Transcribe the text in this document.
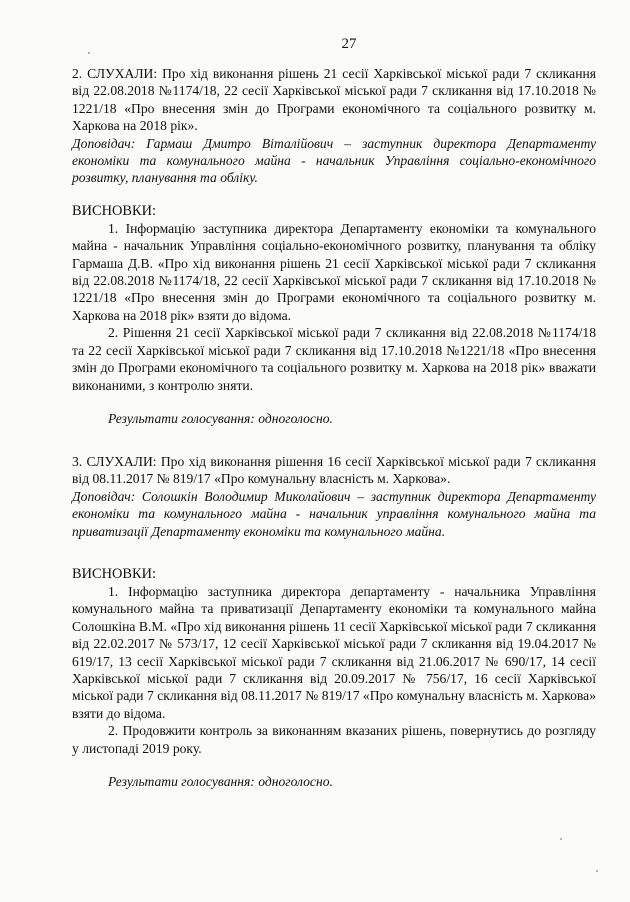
27

2. СЛУХАЛИ: Про хід виконання рішень 21 сесії Харківської міської ради 7 скликання від 22.08.2018 №1174/18, 22 сесії Харківської міської ради 7 скликання від 17.10.2018 № 1221/18 «Про внесення змін до Програми економічного та соціального розвитку м. Харкова на 2018 рік».

Доповідач: Гармаш Дмитро Віталійович – заступник директора Департаменту економіки та комунального майна - начальник Управління соціально-економічного розвитку, планування та обліку.

ВИСНОВКИ:

1. Інформацію заступника директора Департаменту економіки та комунального майна - начальник Управління соціально-економічного розвитку, планування та обліку Гармаша Д.В. «Про хід виконання рішень 21 сесії Харківської міської ради 7 скликання від 22.08.2018 №1174/18, 22 сесії Харківської міської ради 7 скликання від 17.10.2018 № 1221/18 «Про внесення змін до Програми економічного та соціального розвитку м. Харкова на 2018 рік» взяти до відома.

2. Рішення 21 сесії Харківської міської ради 7 скликання від 22.08.2018 №1174/18 та 22 сесії Харківської міської ради 7 скликання від 17.10.2018 №1221/18 «Про внесення змін до Програми економічного та соціального розвитку м. Харкова на 2018 рік» вважати виконаними, з контролю зняти.

Результати голосування: одноголосно.

3. СЛУХАЛИ: Про хід виконання рішення 16 сесії Харківської міської ради 7 скликання від 08.11.2017 № 819/17 «Про комунальну власність м. Харкова».

Доповідач: Солошкін Володимир Миколайович – заступник директора Департаменту економіки та комунального майна - начальник управління комунального майна та приватизації Департаменту економіки та комунального майна.

ВИСНОВКИ:

1. Інформацію заступника директора департаменту - начальника Управління комунального майна та приватизації Департаменту економіки та комунального майна Солошкіна В.М. «Про хід виконання рішень 11 сесії Харківської міської ради 7 скликання від 22.02.2017 № 573/17, 12 сесії Харківської міської ради 7 скликання від 19.04.2017 № 619/17, 13 сесії Харківської міської ради 7 скликання від 21.06.2017 № 690/17, 14 сесії Харківської міської ради 7 скликання від 20.09.2017 № 756/17, 16 сесії Харківської міської ради 7 скликання від 08.11.2017 № 819/17 «Про комунальну власність м. Харкова» взяти до відома.

2. Продовжити контроль за виконанням вказаних рішень, повернутись до розгляду у листопаді 2019 року.

Результати голосування: одноголосно.
